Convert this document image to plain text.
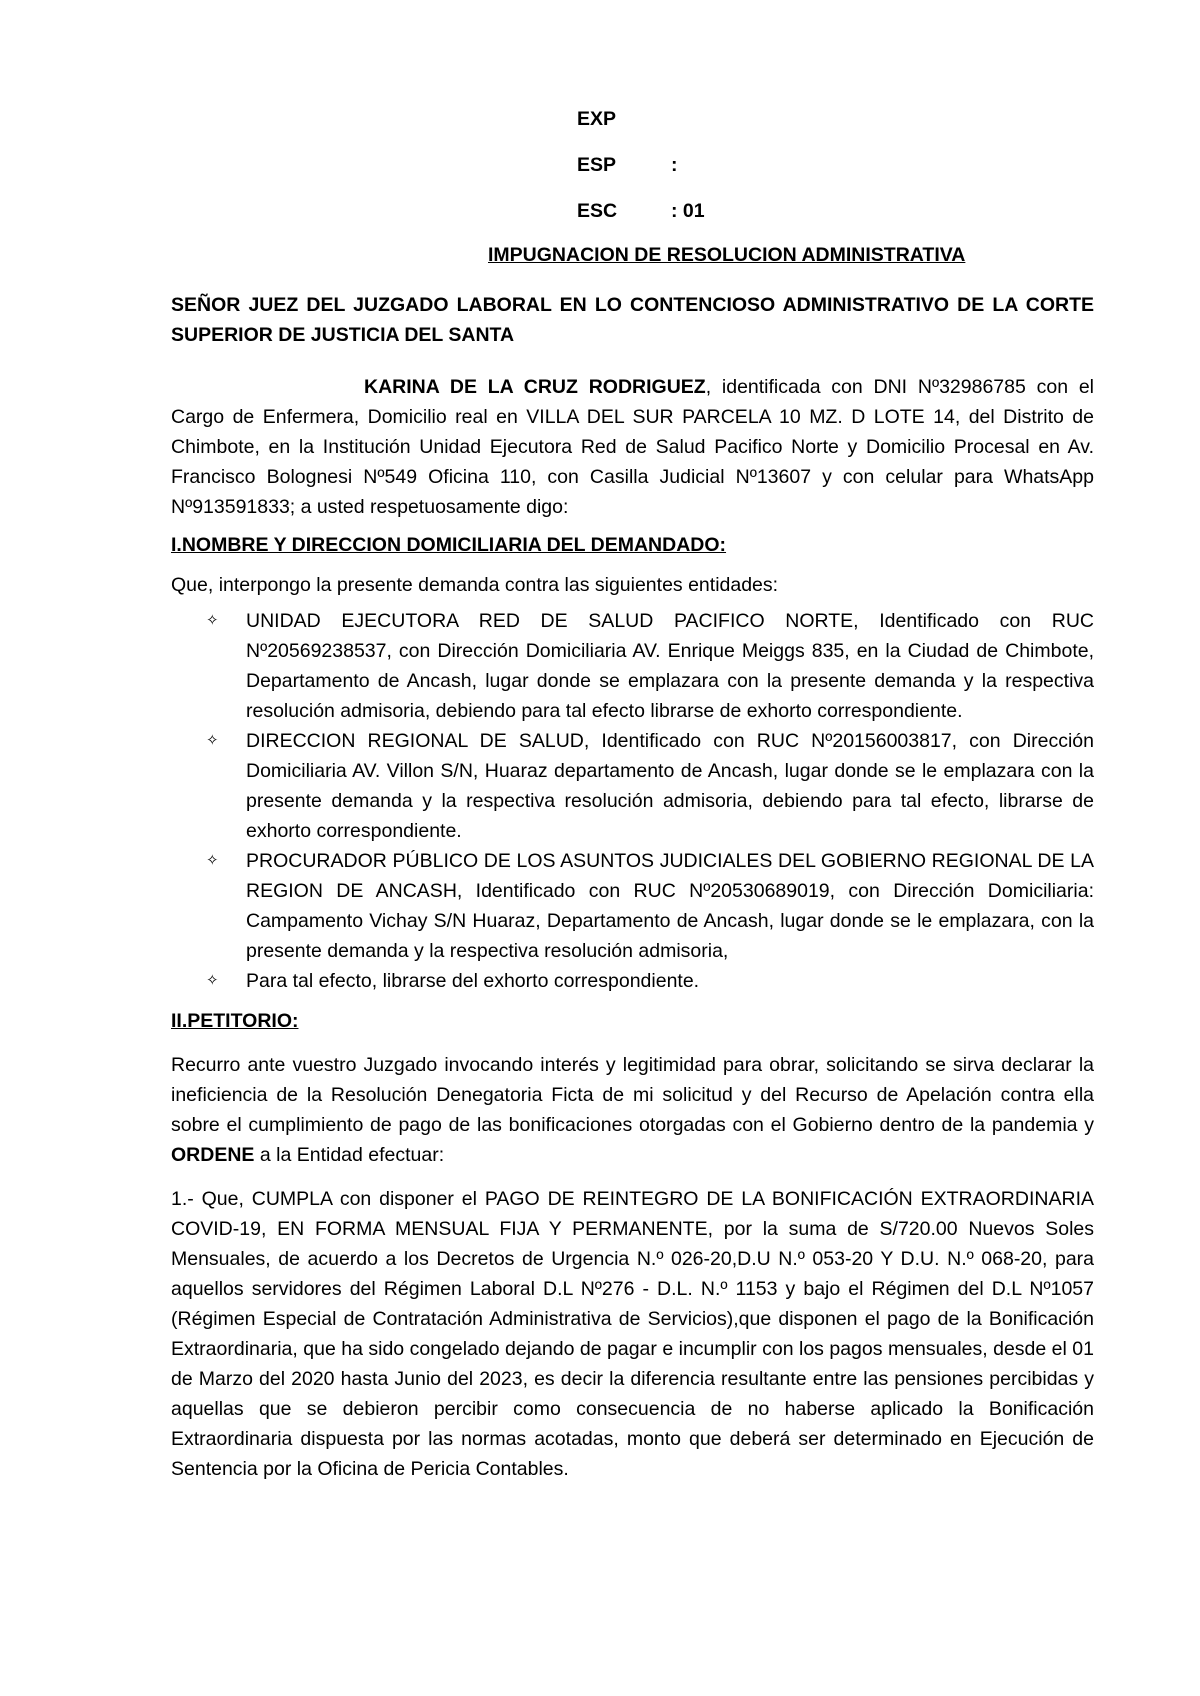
EXP
ESP	:
ESC	: 01
IMPUGNACION DE RESOLUCION ADMINISTRATIVA
SEÑOR JUEZ DEL JUZGADO LABORAL EN LO CONTENCIOSO ADMINISTRATIVO DE LA CORTE SUPERIOR DE JUSTICIA DEL SANTA

KARINA DE LA CRUZ RODRIGUEZ, identificada con DNI Nº32986785 con el Cargo de Enfermera, Domicilio real en VILLA DEL SUR PARCELA 10 MZ. D LOTE 14, del Distrito de Chimbote, en la Institución Unidad Ejecutora Red de Salud Pacifico Norte y Domicilio Procesal en Av. Francisco Bolognesi Nº549 Oficina 110, con Casilla Judicial Nº13607 y con celular para WhatsApp Nº913591833; a usted respetuosamente digo:

I.NOMBRE Y DIRECCION DOMICILIARIA DEL DEMANDADO:

Que, interpongo la presente demanda contra las siguientes entidades:

✧ UNIDAD EJECUTORA RED DE SALUD PACIFICO NORTE, Identificado con RUC Nº20569238537, con Dirección Domiciliaria AV. Enrique Meiggs 835, en la Ciudad de Chimbote, Departamento de Ancash, lugar donde se emplazara con la presente demanda y la respectiva resolución admisoria, debiendo para tal efecto librarse de exhorto correspondiente.
✧ DIRECCION REGIONAL DE SALUD, Identificado con RUC Nº20156003817, con Dirección Domiciliaria AV. Villon S/N, Huaraz departamento de Ancash, lugar donde se le emplazara con la presente demanda y la respectiva resolución admisoria, debiendo para tal efecto, librarse de exhorto correspondiente.
✧ PROCURADOR PÚBLICO DE LOS ASUNTOS JUDICIALES DEL GOBIERNO REGIONAL DE LA REGION DE ANCASH, Identificado con RUC Nº20530689019, con Dirección Domiciliaria: Campamento Vichay S/N Huaraz, Departamento de Ancash, lugar donde se le emplazara, con la presente demanda y la respectiva resolución admisoria,
✧ Para tal efecto, librarse del exhorto correspondiente.
II.PETITORIO:

Recurro ante vuestro Juzgado invocando interés y legitimidad para obrar, solicitando se sirva declarar la ineficiencia de la Resolución Denegatoria Ficta de mi solicitud y del Recurso de Apelación contra ella sobre el cumplimiento de pago de las bonificaciones otorgadas con el Gobierno dentro de la pandemia y ORDENE a la Entidad efectuar:

1.- Que, CUMPLA con disponer el PAGO DE REINTEGRO DE LA BONIFICACIÓN EXTRAORDINARIA COVID-19, EN FORMA MENSUAL FIJA Y PERMANENTE, por la suma de S/720.00 Nuevos Soles Mensuales, de acuerdo a los Decretos de Urgencia N.º 026-20,D.U N.º 053-20 Y D.U. N.º 068-20, para aquellos servidores del Régimen Laboral D.L Nº276 - D.L. N.º 1153 y bajo el Régimen del D.L Nº1057 (Régimen Especial de Contratación Administrativa de Servicios),que disponen el pago de la Bonificación Extraordinaria, que ha sido congelado dejando de pagar e incumplir con los pagos mensuales, desde el 01 de Marzo del 2020 hasta Junio del 2023, es decir la diferencia resultante entre las pensiones percibidas y aquellas que se debieron percibir como consecuencia de no haberse aplicado la Bonificación Extraordinaria dispuesta por las normas acotadas, monto que deberá ser determinado en Ejecución de Sentencia por la Oficina de Pericia Contables.
